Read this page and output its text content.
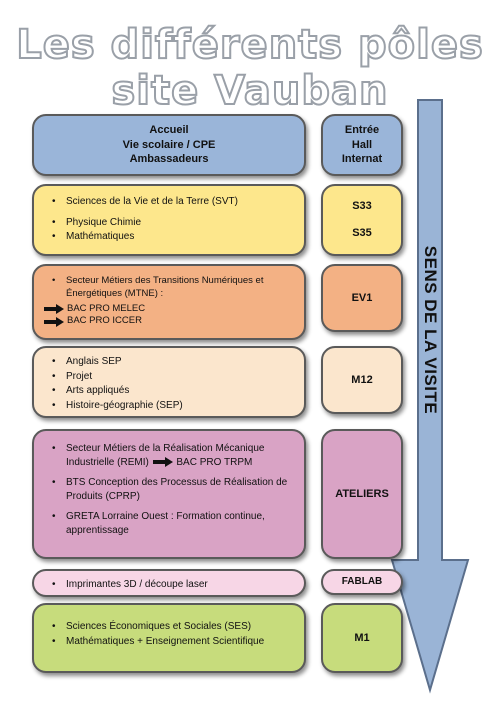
Les différents pôles
site Vauban
SENS DE LA VISITE
Accueil
Vie scolaire / CPE
Ambassadeurs
Entrée
Hall
Internat
• Sciences de la Vie et de la Terre (SVT)
• Physique Chimie
• Mathématiques
S33
S35
• Secteur Métiers des Transitions Numériques et Énergétiques (MTNE) :
BAC PRO MELEC
BAC PRO ICCER
EV1
• Anglais SEP
• Projet
• Arts appliqués
• Histoire-géographie (SEP)
M12
• Secteur Métiers de la Réalisation Mécanique Industrielle (REMI)	BAC PRO TRPM
• BTS Conception des Processus de Réalisation de Produits (CPRP)
• GRETA Lorraine Ouest : Formation continue, apprentissage
ATELIERS
• Imprimantes 3D / découpe laser	FABLAB
• Sciences Économiques et Sociales (SES)
• Mathématiques + Enseignement Scientifique	M1
